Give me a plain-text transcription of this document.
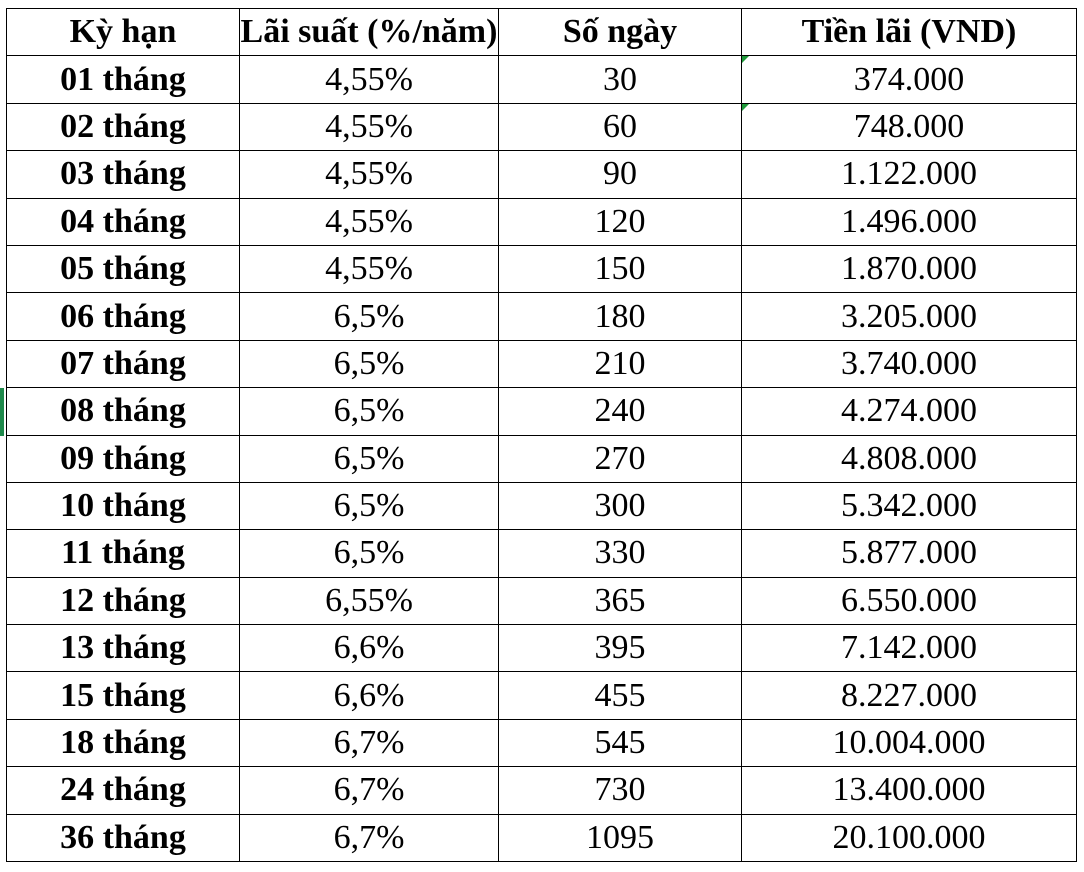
Kỳ hạn	Lãi suất (%/năm)	Số ngày	Tiền lãi (VND)
01 tháng	4,55%	30	374.000

02 tháng	4,55%	60	748.000

03 tháng	4,55%	90	1.122.000
04 tháng	4,55%	120	1.496.000
05 tháng	4,55%	150	1.870.000
06 tháng	6,5%	180	3.205.000
07 tháng	6,5%	210	3.740.000
08 tháng	6,5%	240	4.274.000
09 tháng	6,5%	270	4.808.000
10 tháng	6,5%	300	5.342.000
11 tháng	6,5%	330	5.877.000
12 tháng	6,55%	365	6.550.000
13 tháng	6,6%	395	7.142.000
15 tháng	6,6%	455	8.227.000
18 tháng	6,7%	545	10.004.000
24 tháng	6,7%	730	13.400.000
36 tháng	6,7%	1095	20.100.000
